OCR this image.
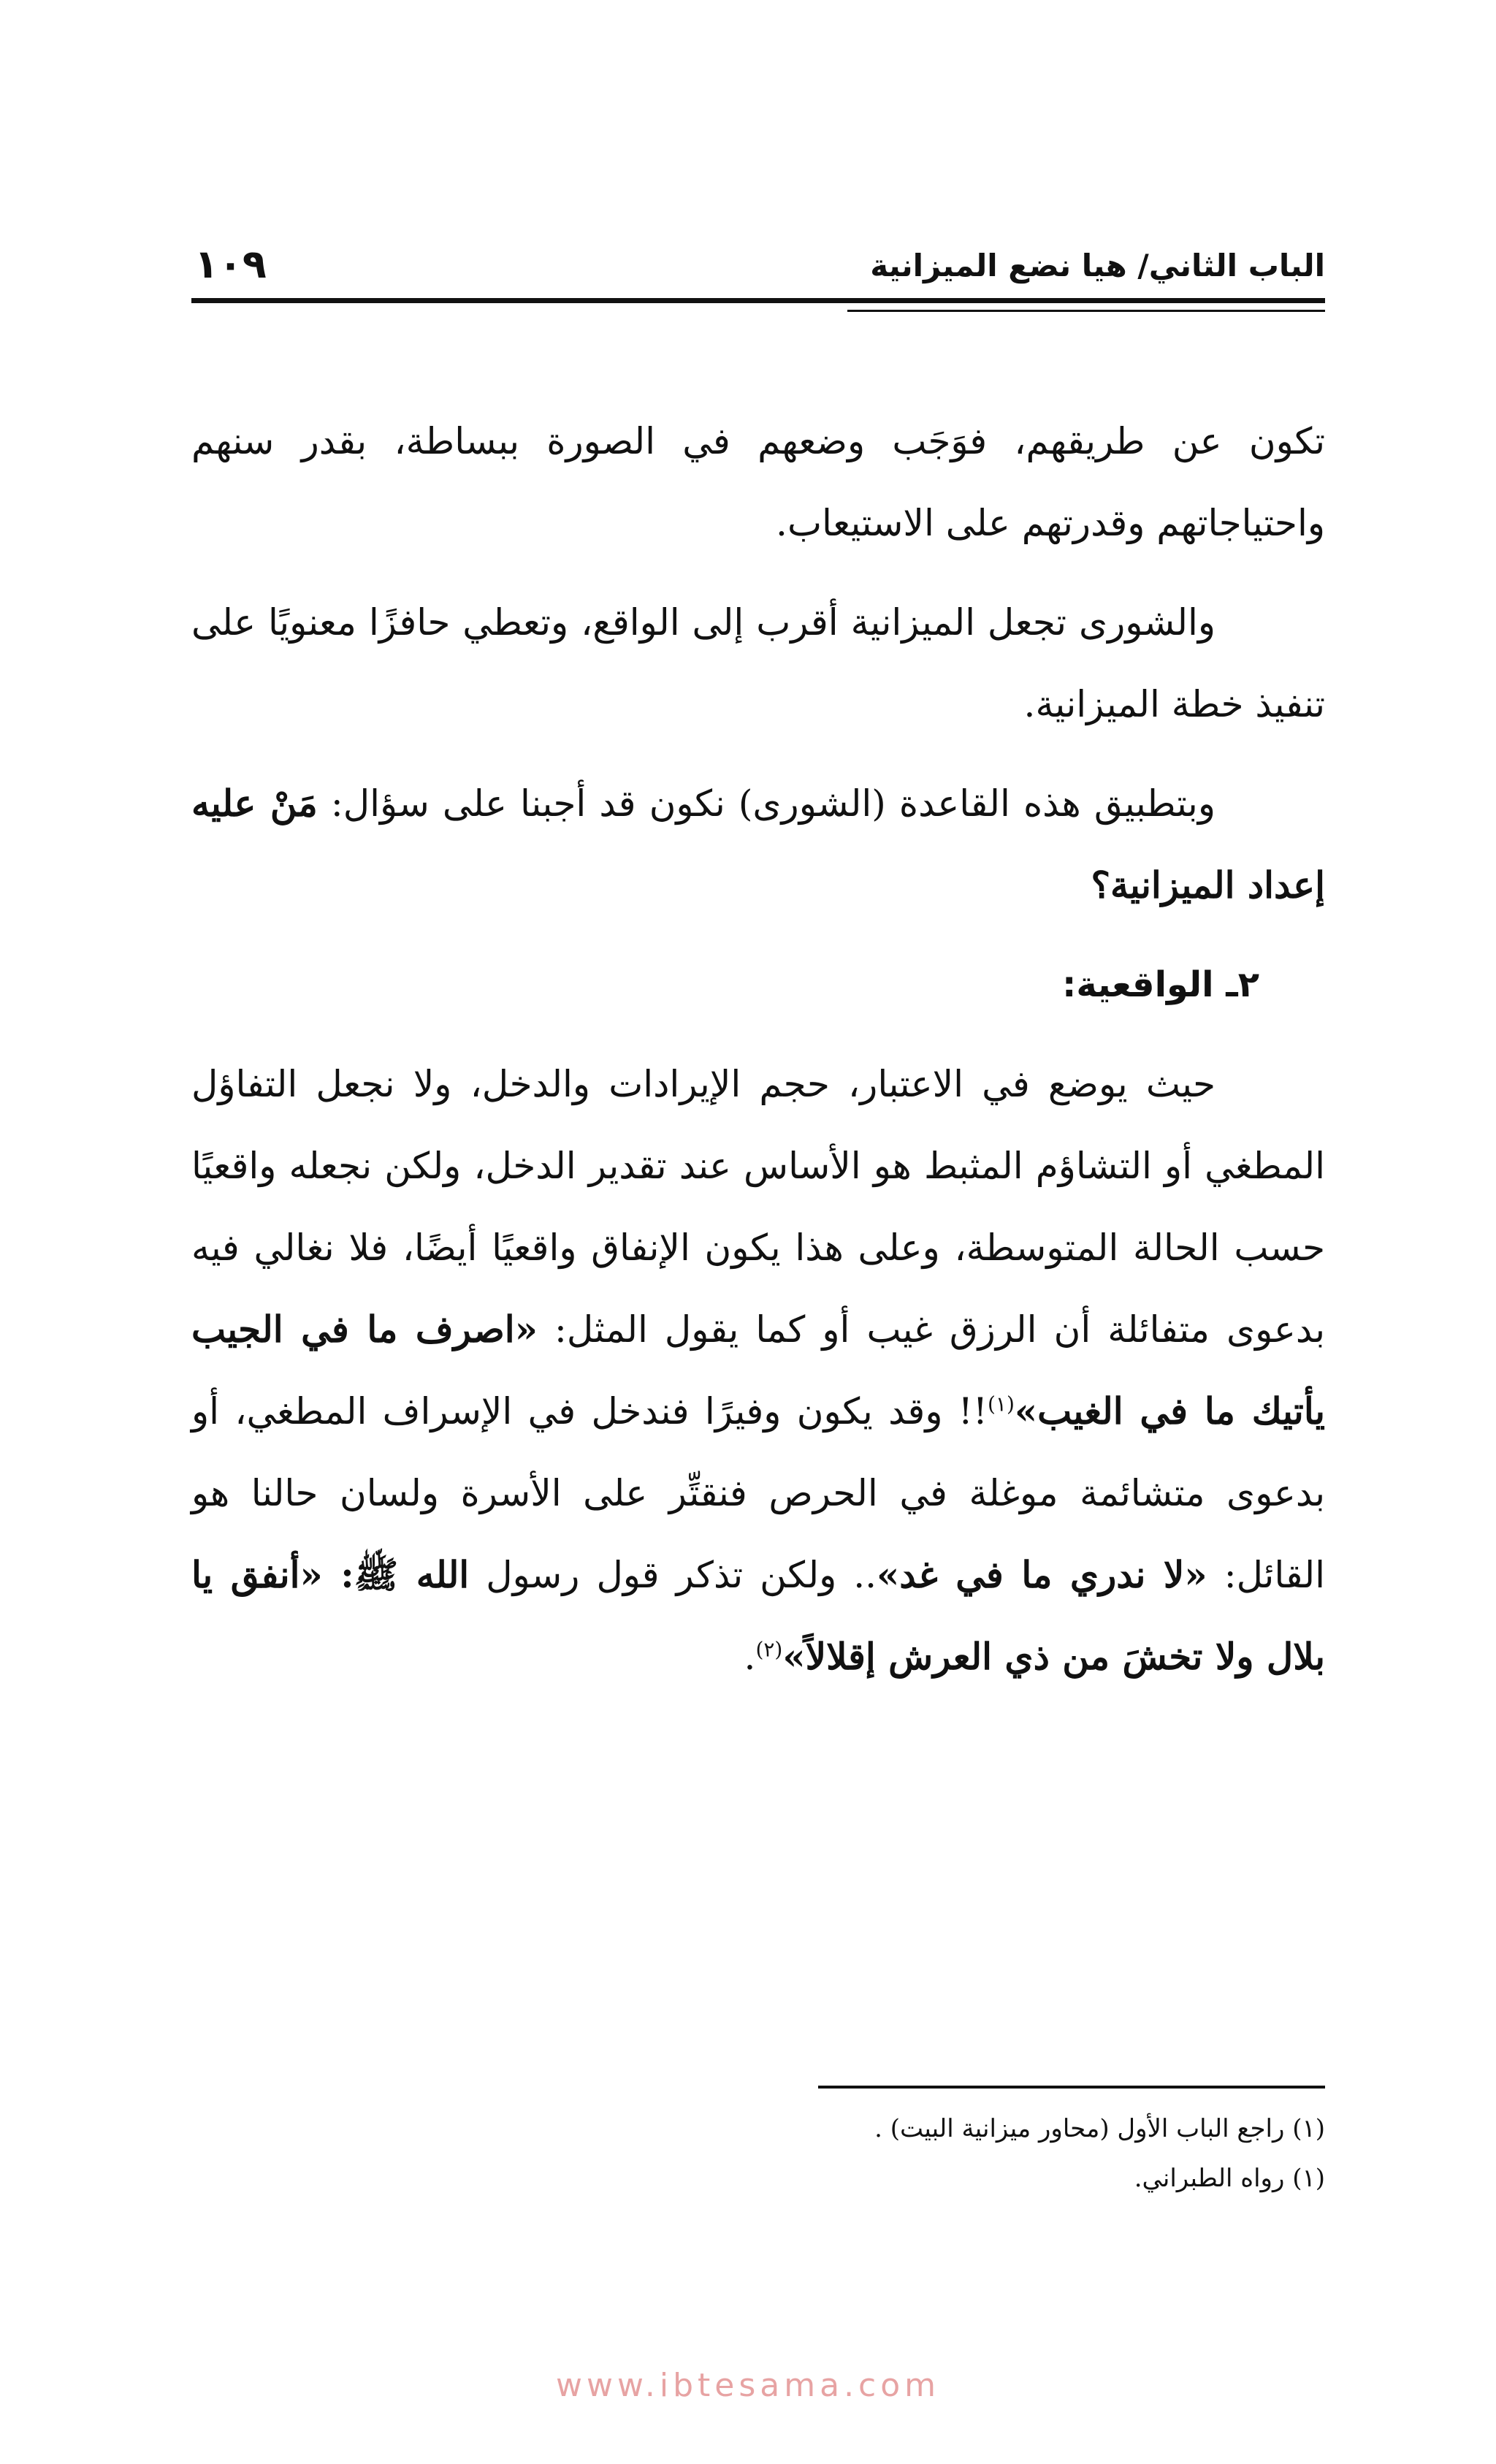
الباب الثاني/ هيا نضع الميزانية
١٠٩

تكون عن طريقهم، فوَجَب وضعهم في الصورة ببساطة، بقدر سنهم واحتياجاتهم وقدرتهم على الاستيعاب.

والشورى تجعل الميزانية أقرب إلى الواقع، وتعطي حافزًا معنويًا على تنفيذ خطة الميزانية.

وبتطبيق هذه القاعدة (الشورى) نكون قد أجبنا على سؤال: مَنْ عليه إعداد الميزانية؟

٢ـ الواقعية:

حيث يوضع في الاعتبار، حجم الإيرادات والدخل، ولا نجعل التفاؤل المطغي أو التشاؤم المثبط هو الأساس عند تقدير الدخل، ولكن نجعله واقعيًا حسب الحالة المتوسطة، وعلى هذا يكون الإنفاق واقعيًا أيضًا، فلا نغالي فيه بدعوى متفائلة أن الرزق غيب أو كما يقول المثل: «اصرف ما في الجيب يأتيك ما في الغيب»$^{(١)}$!! وقد يكون وفيرًا فندخل في الإسراف المطغي، أو بدعوى متشائمة موغلة في الحرص فنقتِّر على الأسرة ولسان حالنا هو القائل: «لا ندري ما في غد».. ولكن تذكر قول رسول الله ﷺ: «أنفق يا بلال ولا تخشَ من ذي العرش إقلالاً»$^{(٢)}$.

(١) راجع الباب الأول (محاور ميزانية البيت) .
(١) رواه الطبراني.
www.ibtesama.com
